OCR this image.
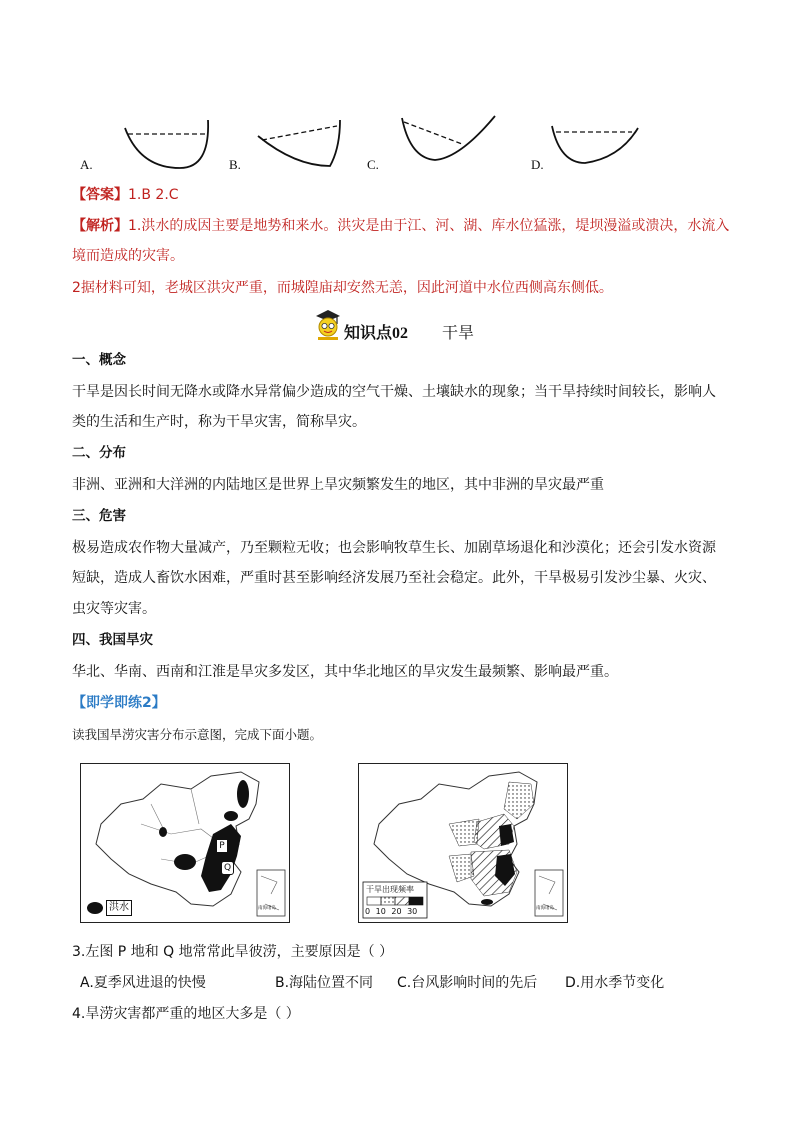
A.	B.	C.	D.
【答案】1.B 2.C
【解析】1.洪水的成因主要是地势和来水。洪灾是由于江、河、湖、库水位猛涨，堤坝漫溢或溃决，水流入
境而造成的灾害。
2据材料可知，老城区洪灾严重，而城隍庙却安然无恙，因此河道中水位西侧高东侧低。
知识点02 干旱
一、概念
干旱是因长时间无降水或降水异常偏少造成的空气干燥、土壤缺水的现象；当干旱持续时间较长，影响人
类的生活和生产时，称为干旱灾害，简称旱灾。
二、分布
非洲、亚洲和大洋洲的内陆地区是世界上旱灾频繁发生的地区，其中非洲的旱灾最严重
三、危害
极易造成农作物大量减产，乃至颗粒无收；也会影响牧草生长、加剧草场退化和沙漠化；还会引发水资源
短缺，造成人畜饮水困难，严重时甚至影响经济发展乃至社会稳定。此外，干旱极易引发沙尘暴、火灾、
虫灾等灾害。
四、我国旱灾
华北、华南、西南和江淮是旱灾多发区，其中华北地区的旱灾发生最频繁、影响最严重。
【即学即练2】
读我国旱涝灾害分布示意图，完成下面小题。
P
Q
洪水	南海诸岛
干旱出现频率
0 10 20 30	南海诸岛
3.左图 P 地和 Q 地常常此旱彼涝，主要原因是（ ）
A.夏季风进退的快慢	B.海陆位置不同 C.台风影响时间的先后 D.用水季节变化
4.旱涝灾害都严重的地区大多是（ ）
